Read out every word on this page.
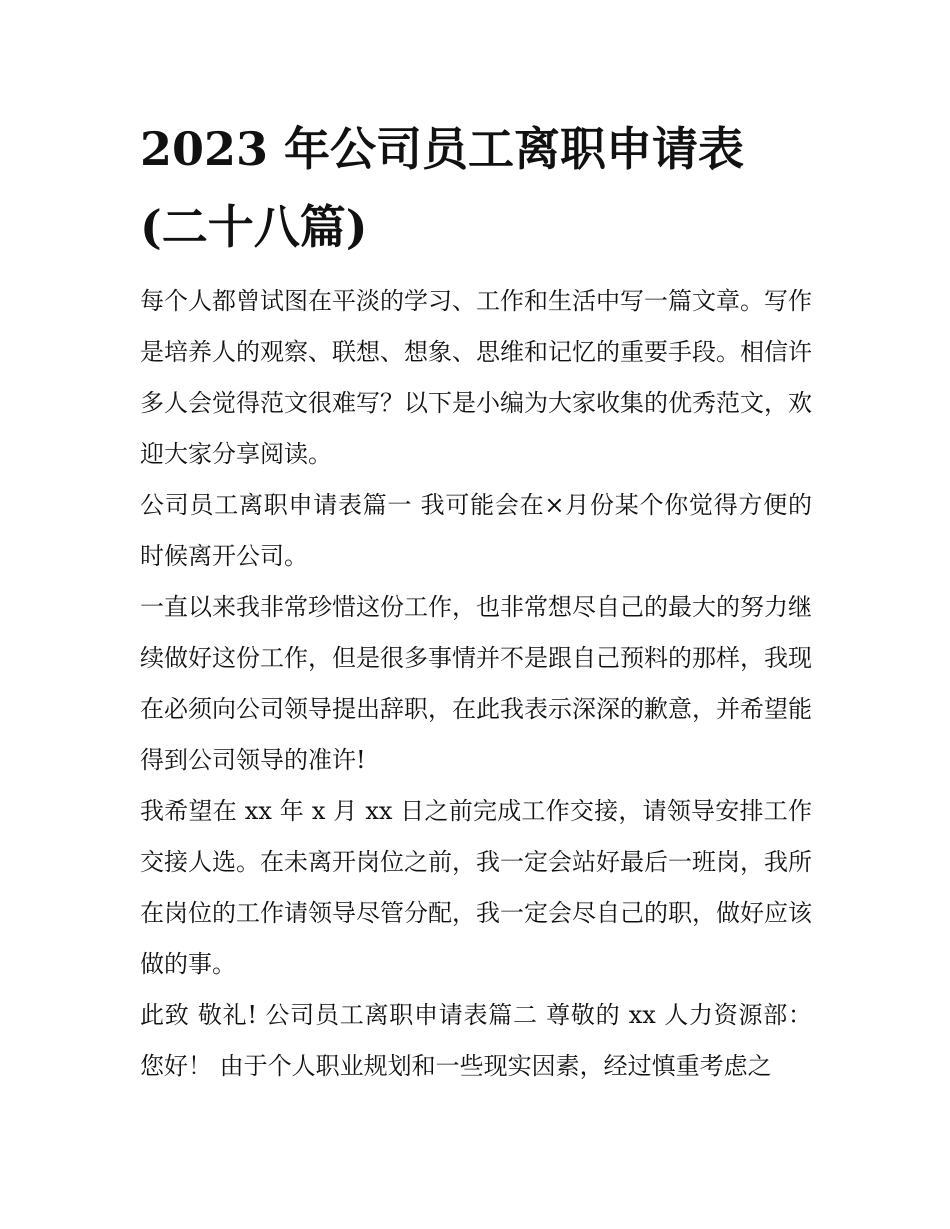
2023 年公司员工离职申请表
(二十八篇)

每个人都曾试图在平淡的学习、工作和生活中写一篇文章。写作是培养人的观察、联想、想象、思维和记忆的重要手段。相信许多人会觉得范文很难写？以下是小编为大家收集的优秀范文，欢迎大家分享阅读。

公司员工离职申请表篇一 我可能会在×月份某个你觉得方便的时候离开公司。

一直以来我非常珍惜这份工作，也非常想尽自己的最大的努力继续做好这份工作，但是很多事情并不是跟自己预料的那样，我现在必须向公司领导提出辞职，在此我表示深深的歉意，并希望能得到公司领导的准许!

我希望在 xx 年 x 月 xx 日之前完成工作交接，请领导安排工作交接人选。在未离开岗位之前，我一定会站好最后一班岗，我所在岗位的工作请领导尽管分配，我一定会尽自己的职，做好应该做的事。

此致 敬礼! 公司员工离职申请表篇二 尊敬的 xx 人力资源部：您好！ 由于个人职业规划和一些现实因素，经过慎重考虑之
